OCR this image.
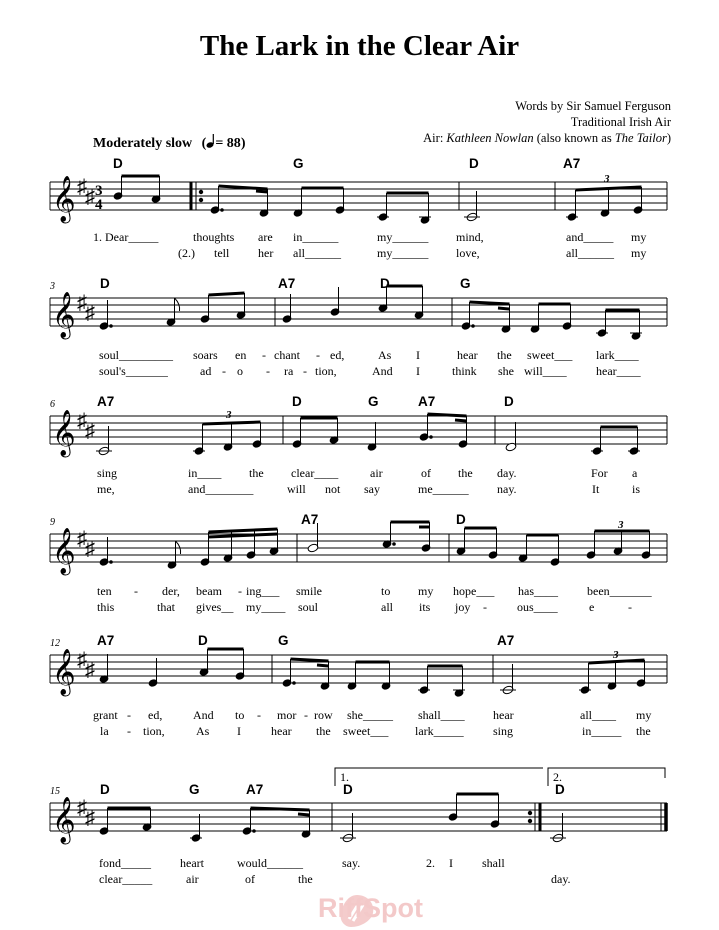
The Lark in the Clear Air
Words by Sir Samuel Ferguson
Traditional Irish Air
Air: Kathleen Nowlan (also known as The Tailor)
Moderately slow ( = 88)
𝄞 ♯
♯ 3
4
3
D	G	D	A7
1. Dear_____	thoughts are in______	my______ mind,	and_____ my
(2.) tell her all______	my______ love,	all______ my
3
𝄞 ♯
♯
D	A7	D	G
soul_________ soars en - chant - ed,	As I	hear the sweet___ lark____
soul's_______	ad - o - ra - tion,	And I	think she will____ hear____
6
𝄞 ♯
♯
3
A7	D	G	A7	D
sing	in____ the clear____	air	of the day.	For a
me,	and________	will not say	me______ nay.	It	is
9
𝄞 ♯
♯
3
A7	D
ten - der, beam - ing___ smile	to my hope___ has____ been_______
this	that gives__ my____ soul	all its joy -	ous____	e	-
12
𝄞 ♯
♯
3
A7	D	G	A7
grant - ed,	And to - mor - row she_____ shall____ hear	all____ my
la - tion,	As I	hear the sweet___ lark_____ sing	in_____ the
15
1.	2.
𝄞 ♯
♯
D	G	A7	D	D
fond_____ heart	would______	say.	2. I shall
clear_____	air	of	the	day.
RiffSpot
